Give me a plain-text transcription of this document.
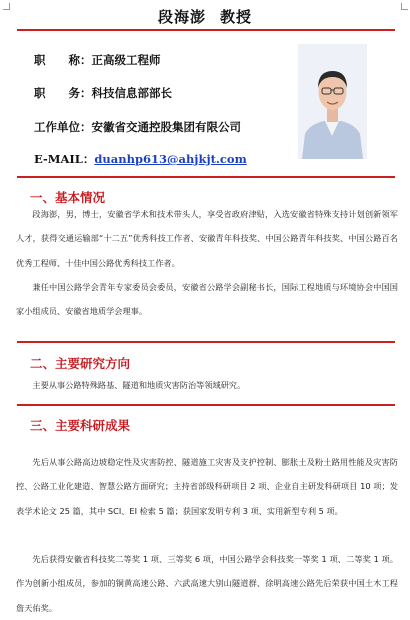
段海澎 教授
职　　称：正高级工程师
职　　务：科技信息部部长
工作单位：安徽省交通控股集团有限公司
E-MAIL：duanhp613@ahjkjt.com
一、基本情况

段海澎，男，博士，安徽省学术和技术带头人，享受省政府津贴，入选安徽省特殊支持计划创新领军人才，获得交通运输部“十二五”优秀科技工作者、安徽青年科技奖、中国公路青年科技奖、中国公路百名优秀工程师、十佳中国公路优秀科技工作者。

兼任中国公路学会青年专家委员会委员，安徽省公路学会副秘书长，国际工程地质与环境协会中国国家小组成员、安徽省地质学会理事。

二、主要研究方向

主要从事公路特殊路基、隧道和地质灾害防治等领域研究。

三、主要科研成果

先后从事公路高边坡稳定性及灾害防控、隧道施工灾害及支护控制、膨胀土及粉土路用性能及灾害防控、公路工业化建造、智慧公路方面研究；主持省部级科研项目 2 项、企业自主研发科研项目 10 项；发表学术论文 25 篇，其中 SCI、EI 检索 5 篇；获国家发明专利 3 项、实用新型专利 5 项。

先后获得安徽省科技奖二等奖 1 项、三等奖 6 项，中国公路学会科技奖一等奖 1 项、二等奖 1 项。作为创新小组成员，参加的铜黄高速公路、六武高速大别山隧道群、徐明高速公路先后荣获中国土木工程詹天佑奖。
